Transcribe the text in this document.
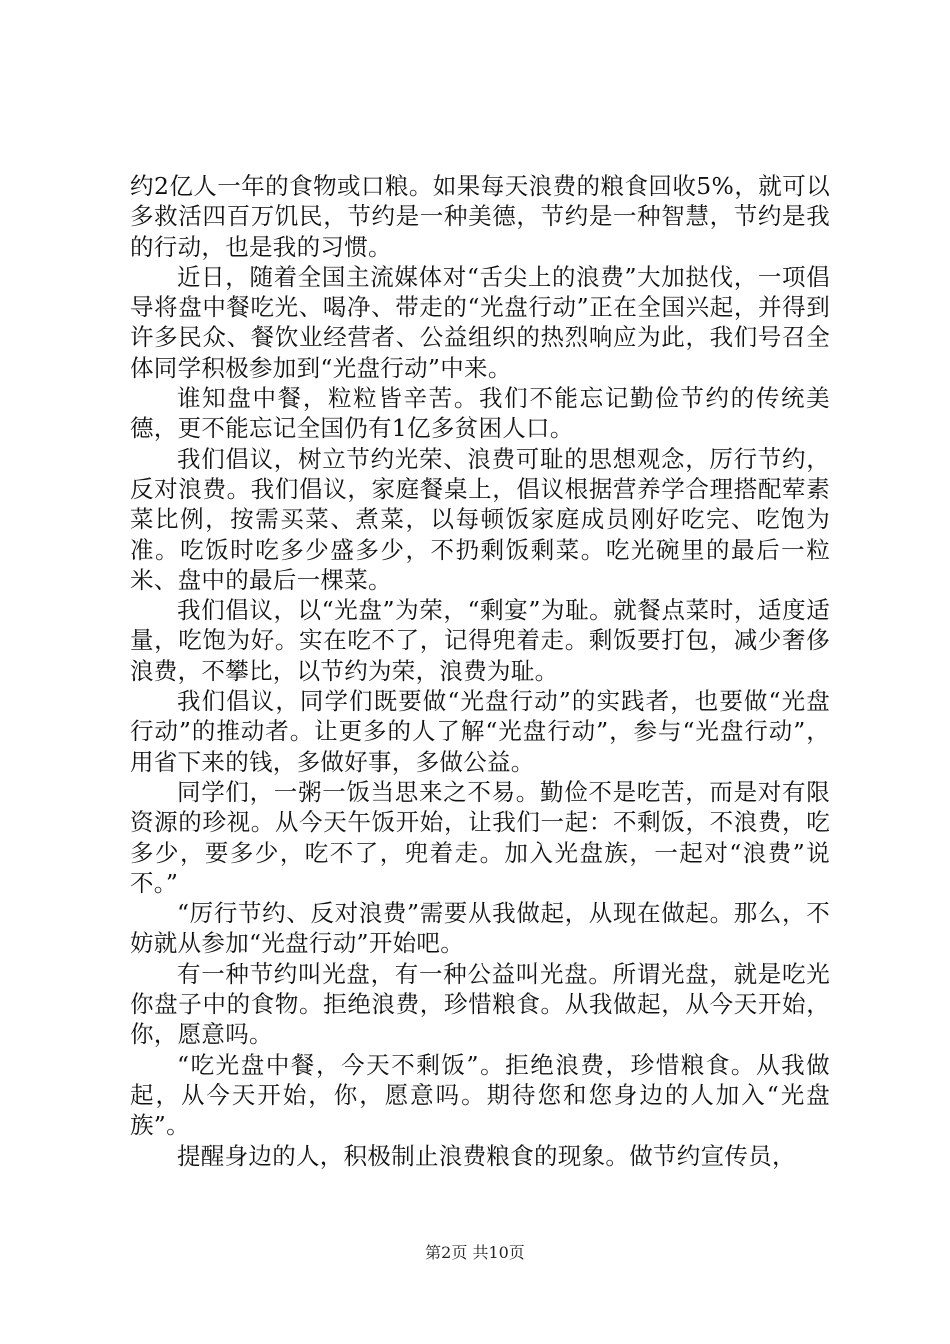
约2亿人一年的食物或口粮。如果每天浪费的粮食回收5%，就可以多救活四百万饥民，节约是一种美德，节约是一种智慧，节约是我的行动，也是我的习惯。

近日，随着全国主流媒体对“舌尖上的浪费”大加挞伐，一项倡导将盘中餐吃光、喝净、带走的“光盘行动”正在全国兴起，并得到许多民众、餐饮业经营者、公益组织的热烈响应为此，我们号召全体同学积极参加到“光盘行动”中来。

谁知盘中餐，粒粒皆辛苦。我们不能忘记勤俭节约的传统美德，更不能忘记全国仍有1亿多贫困人口。

我们倡议，树立节约光荣、浪费可耻的思想观念，厉行节约，反对浪费。我们倡议，家庭餐桌上，倡议根据营养学合理搭配荤素菜比例，按需买菜、煮菜，以每顿饭家庭成员刚好吃完、吃饱为准。吃饭时吃多少盛多少，不扔剩饭剩菜。吃光碗里的最后一粒米、盘中的最后一棵菜。

我们倡议，以“光盘”为荣，“剩宴”为耻。就餐点菜时，适度适量，吃饱为好。实在吃不了，记得兜着走。剩饭要打包，减少奢侈浪费，不攀比，以节约为荣，浪费为耻。

我们倡议，同学们既要做“光盘行动”的实践者，也要做“光盘行动”的推动者。让更多的人了解“光盘行动”，参与“光盘行动”，用省下来的钱，多做好事，多做公益。

同学们，一粥一饭当思来之不易。勤俭不是吃苦，而是对有限资源的珍视。从今天午饭开始，让我们一起：不剩饭，不浪费，吃多少，要多少，吃不了，兜着走。加入光盘族，一起对“浪费”说不。”

“厉行节约、反对浪费”需要从我做起，从现在做起。那么，不妨就从参加“光盘行动”开始吧。

有一种节约叫光盘，有一种公益叫光盘。所谓光盘，就是吃光你盘子中的食物。拒绝浪费，珍惜粮食。从我做起，从今天开始，你，愿意吗。

“吃光盘中餐，今天不剩饭”。拒绝浪费，珍惜粮食。从我做起，从今天开始，你，愿意吗。期待您和您身边的人加入“光盘族”。

提醒身边的人，积极制止浪费粮食的现象。做节约宣传员，

第2页 共10页
